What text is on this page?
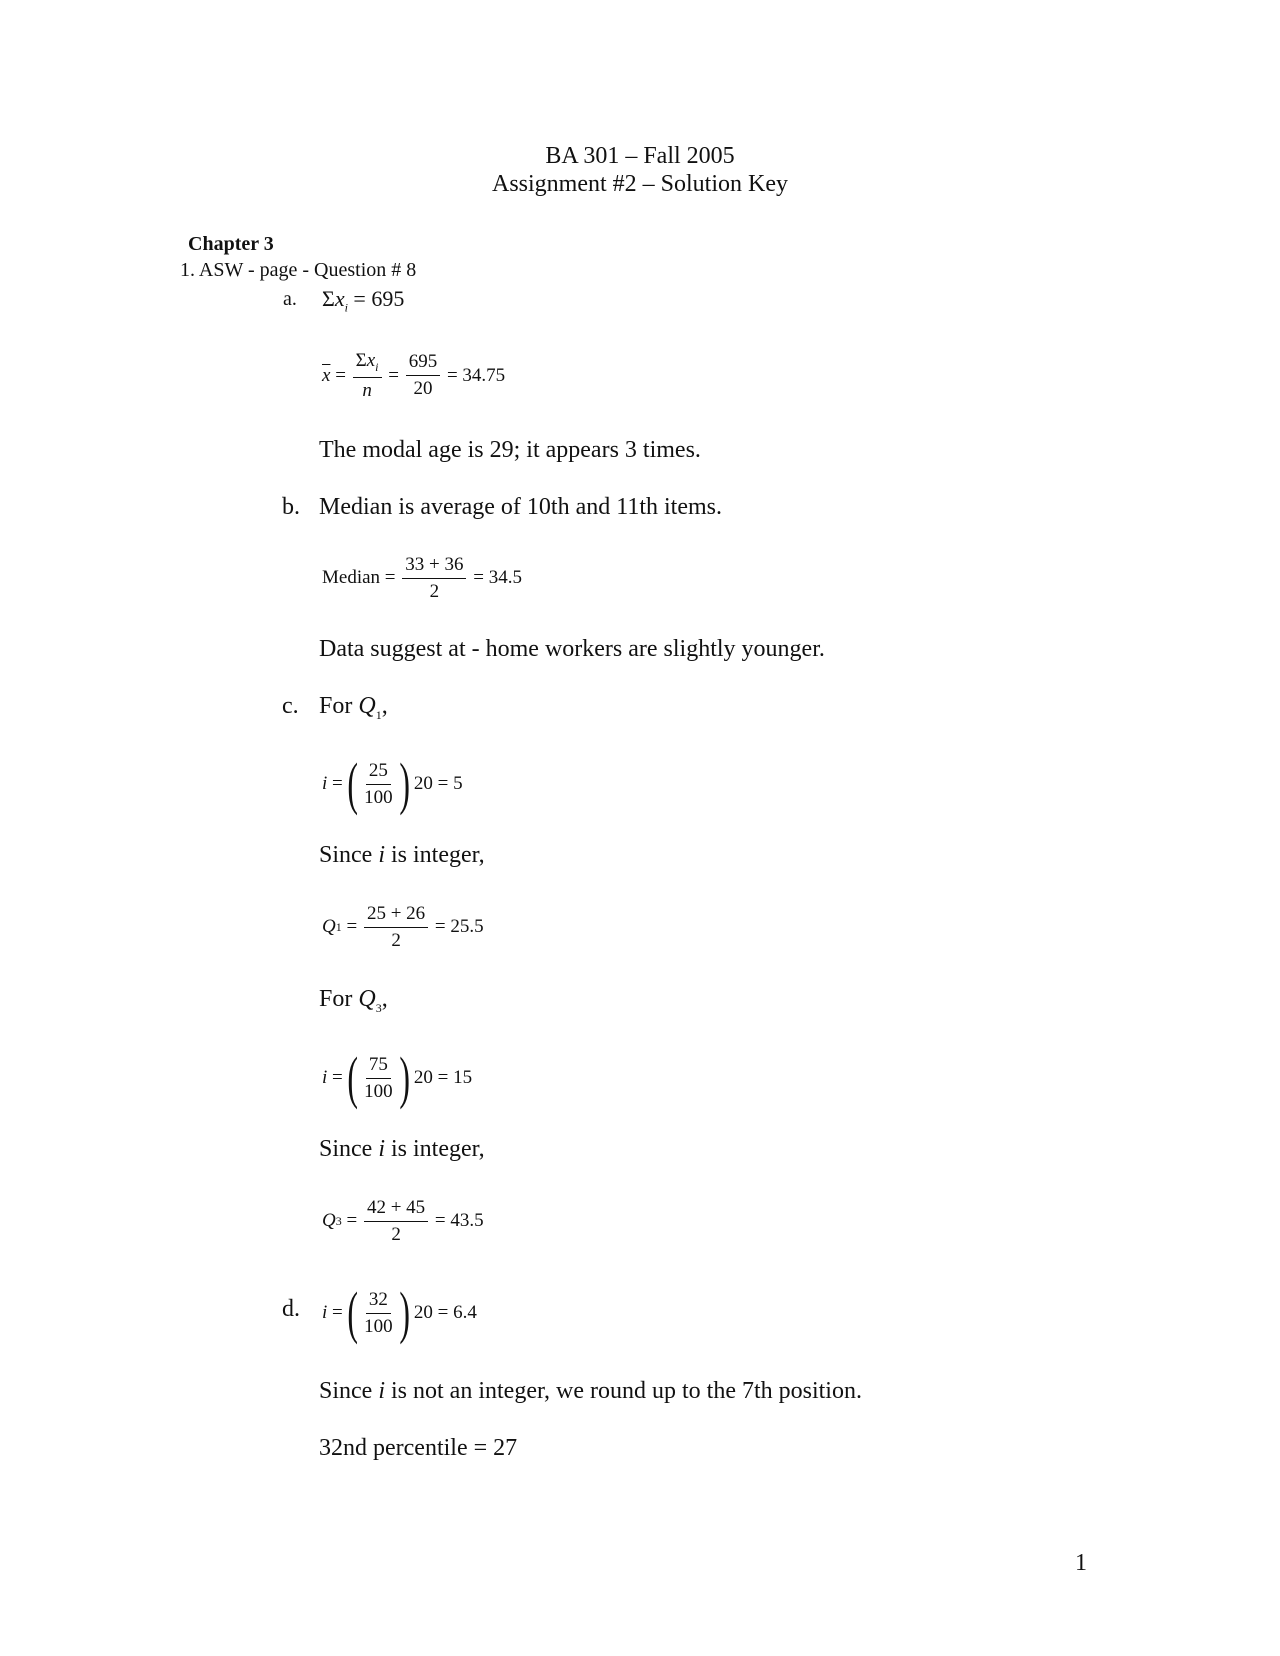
BA 301 – Fall 2005
Assignment #2 – Solution Key
Chapter 3
1. ASW - page - Question # 8
a. $\Sigma x_i = 695$
$\overline{x} = \frac{\Sigma x_i}{n} = \frac{695}{20}$
= 34.75
The modal age is 29; it appears 3 times.
b. Median is average of 10th and 11th items.
Median =
$\frac{33 + 36}{2}$
= 34.5
Data suggest at - home workers are slightly younger.
c. For $Q_1$,
i = ( $\frac{25}{100}$ ) 20 = 5
Since i is integer,
Q $1 = \frac{25 + 26}{2}$
= 25.5
For $Q_3$,
i = ( $\frac{75}{100}$ ) 20 = 15
Since i is integer,
Q $3 = \frac{42 + 45}{2}$
= 43.5
d. i = ( $\frac{32}{100}$ ) 20 = 6.4
Since i is not an integer, we round up to the 7th position.
32nd percentile = 27
1
